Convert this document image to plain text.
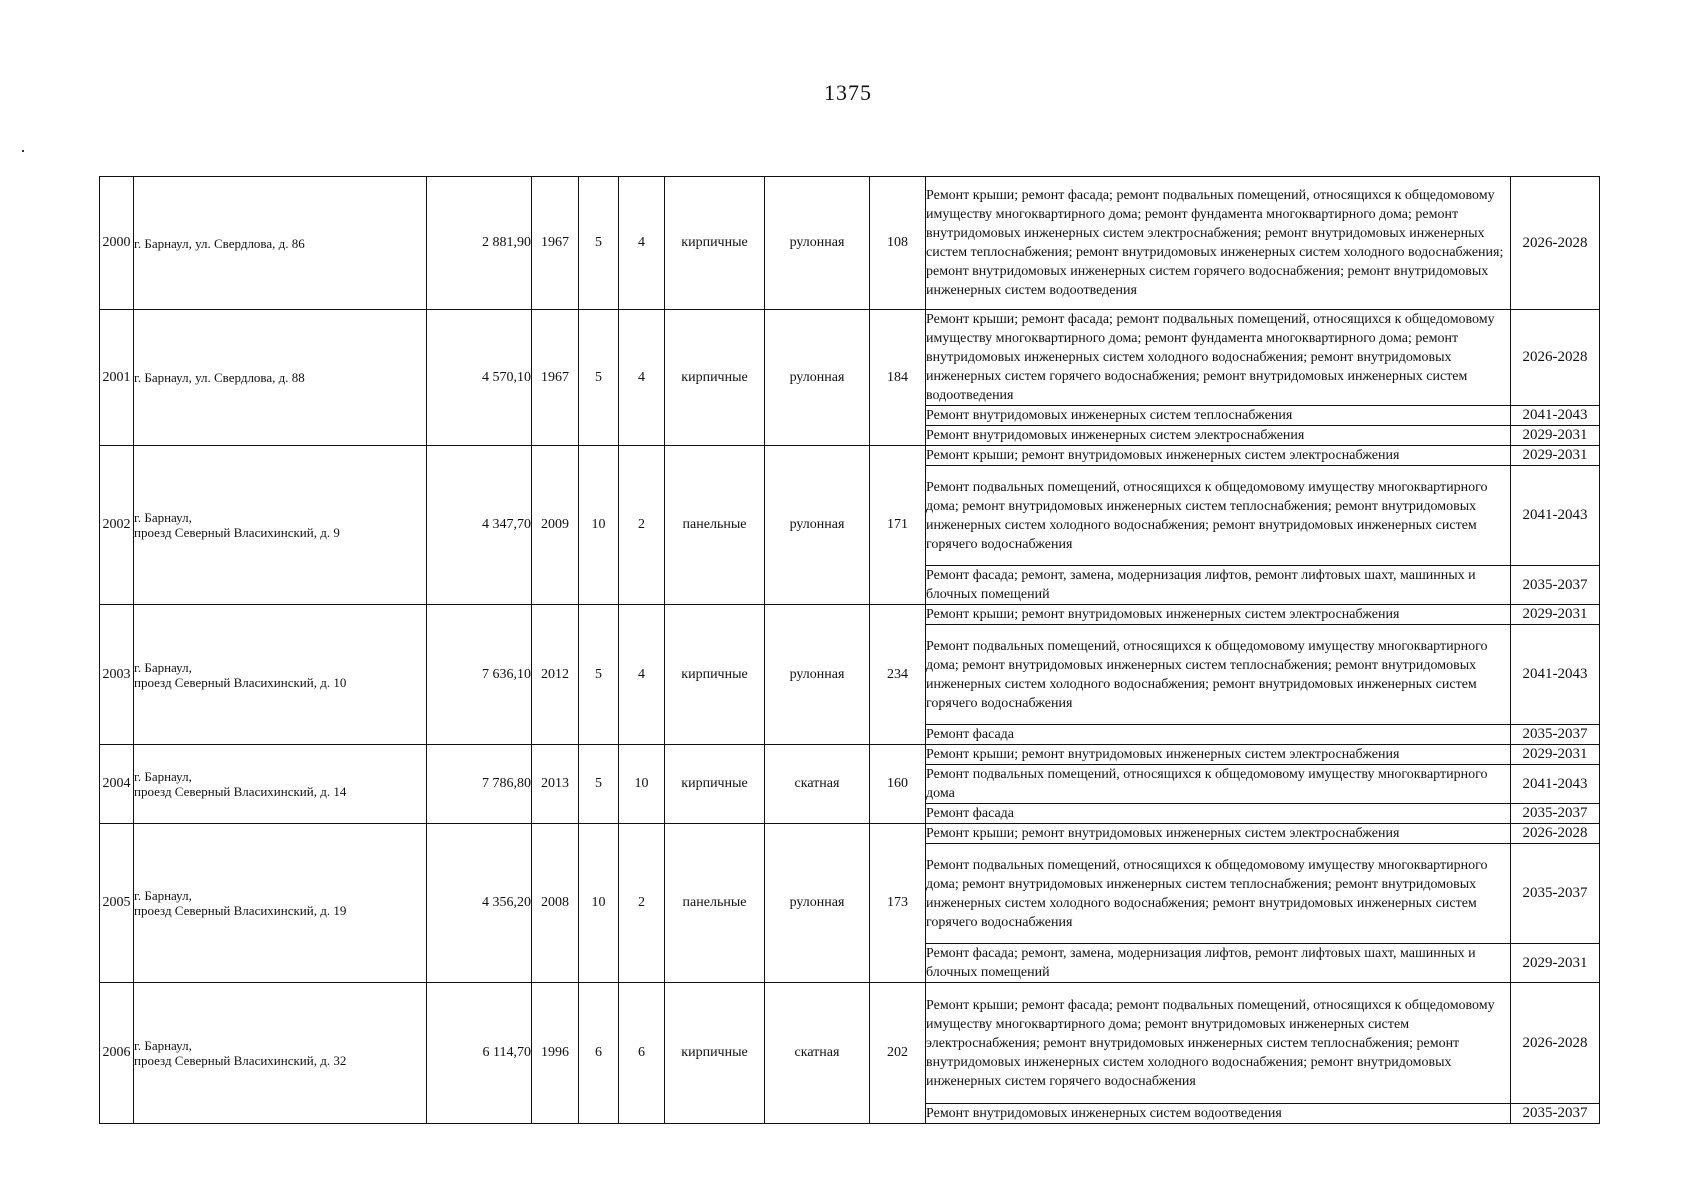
1375
2000	г. Барнаул, ул. Свердлова, д. 86	2 881,90	1967	5	4	кирпичные	рулонная	108	Ремонт крыши; ремонт фасада; ремонт подвальных помещений, относящихся к общедомовому имуществу многоквартирного дома; ремонт фундамента многоквартирного дома; ремонт внутридомовых инженерных систем электроснабжения; ремонт внутридомовых инженерных систем теплоснабжения; ремонт внутридомовых инженерных систем холодного водоснабжения; ремонт внутридомовых инженерных систем горячего водоснабжения; ремонт внутридомовых инженерных систем водоотведения	2026-2028
2001	г. Барнаул, ул. Свердлова, д. 88	4 570,10	1967	5	4	кирпичные	рулонная	184	Ремонт крыши; ремонт фасада; ремонт подвальных помещений, относящихся к общедомовому имуществу многоквартирного дома; ремонт фундамента многоквартирного дома; ремонт внутридомовых инженерных систем холодного водоснабжения; ремонт внутридомовых инженерных систем горячего водоснабжения; ремонт внутридомовых инженерных систем водоотведения	2026-2028
									Ремонт внутридомовых инженерных систем теплоснабжения	2041-2043
									Ремонт внутридомовых инженерных систем электроснабжения	2029-2031
2002	г. Барнаул,
проезд Северный Власихинский, д. 9	4 347,70	2009	10	2	панельные	рулонная	171	Ремонт крыши; ремонт внутридомовых инженерных систем электроснабжения	2029-2031
									Ремонт подвальных помещений, относящихся к общедомовому имуществу многоквартирного дома; ремонт внутридомовых инженерных систем теплоснабжения; ремонт внутридомовых инженерных систем холодного водоснабжения; ремонт внутридомовых инженерных систем горячего водоснабжения	2041-2043
									Ремонт фасада; ремонт, замена, модернизация лифтов, ремонт лифтовых шахт, машинных и блочных помещений	2035-2037
2003	г. Барнаул,
проезд Северный Власихинский, д. 10	7 636,10	2012	5	4	кирпичные	рулонная	234	Ремонт крыши; ремонт внутридомовых инженерных систем электроснабжения	2029-2031
									Ремонт подвальных помещений, относящихся к общедомовому имуществу многоквартирного дома; ремонт внутридомовых инженерных систем теплоснабжения; ремонт внутридомовых инженерных систем холодного водоснабжения; ремонт внутридомовых инженерных систем горячего водоснабжения	2041-2043
									Ремонт фасада	2035-2037
2004	г. Барнаул,
проезд Северный Власихинский, д. 14	7 786,80	2013	5	10	кирпичные	скатная	160	Ремонт крыши; ремонт внутридомовых инженерных систем электроснабжения	2029-2031
									Ремонт подвальных помещений, относящихся к общедомовому имуществу многоквартирного дома	2041-2043
									Ремонт фасада	2035-2037
2005	г. Барнаул,
проезд Северный Власихинский, д. 19	4 356,20	2008	10	2	панельные	рулонная	173	Ремонт крыши; ремонт внутридомовых инженерных систем электроснабжения	2026-2028
									Ремонт подвальных помещений, относящихся к общедомовому имуществу многоквартирного дома; ремонт внутридомовых инженерных систем теплоснабжения; ремонт внутридомовых инженерных систем холодного водоснабжения; ремонт внутридомовых инженерных систем горячего водоснабжения	2035-2037
									Ремонт фасада; ремонт, замена, модернизация лифтов, ремонт лифтовых шахт, машинных и блочных помещений	2029-2031
2006	г. Барнаул,
проезд Северный Власихинский, д. 32	6 114,70	1996	6	6	кирпичные	скатная	202	Ремонт крыши; ремонт фасада; ремонт подвальных помещений, относящихся к общедомовому имуществу многоквартирного дома; ремонт внутридомовых инженерных систем электроснабжения; ремонт внутридомовых инженерных систем теплоснабжения; ремонт внутридомовых инженерных систем холодного водоснабжения; ремонт внутридомовых инженерных систем горячего водоснабжения	2026-2028
									Ремонт внутридомовых инженерных систем водоотведения	2035-2037
